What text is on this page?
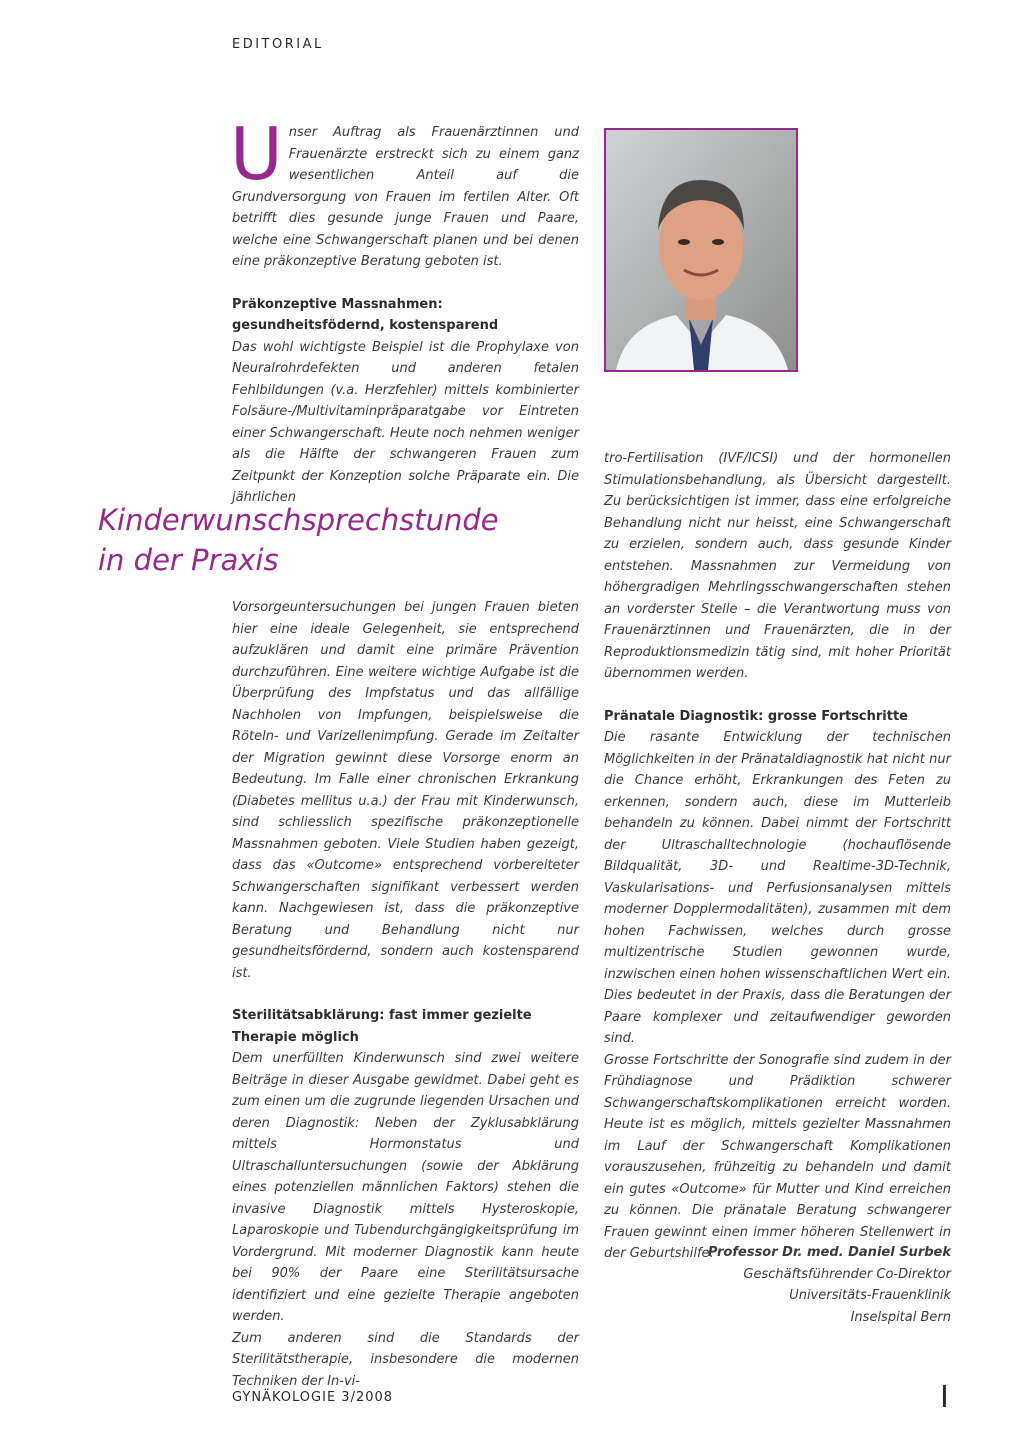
EDITORIAL
Unser Auftrag als Frauenärztinnen und Frauenärzte erstreckt sich zu einem ganz wesentlichen Anteil auf die Grundversorgung von Frauen im fertilen Alter. Oft betrifft dies gesunde junge Frauen und Paare, welche eine Schwangerschaft planen und bei denen eine präkonzeptive Beratung geboten ist.

Präkonzeptive Massnahmen: gesundheitsfödernd, kostensparend

Das wohl wichtigste Beispiel ist die Prophylaxe von Neuralrohrdefekten und anderen fetalen Fehlbildungen (v.a. Herzfehler) mittels kombinierter Folsäure-/Multivitaminpräparatgabe vor Eintreten einer Schwangerschaft. Heute noch nehmen weniger als die Hälfte der schwangeren Frauen zum Zeitpunkt der Konzeption solche Präparate ein. Die jährlichen

Kinderwunschsprechstunde
in der Praxis

Vorsorgeuntersuchungen bei jungen Frauen bieten hier eine ideale Gelegenheit, sie entsprechend aufzuklären und damit eine primäre Prävention durchzuführen. Eine weitere wichtige Aufgabe ist die Überprüfung des Impfstatus und das allfällige Nachholen von Impfungen, beispielsweise die Röteln- und Varizellenimpfung. Gerade im Zeitalter der Migration gewinnt diese Vorsorge enorm an Bedeutung. Im Falle einer chronischen Erkrankung (Diabetes mellitus u.a.) der Frau mit Kinderwunsch, sind schliesslich spezifische präkonzeptionelle Massnahmen geboten. Viele Studien haben gezeigt, dass das «Outcome» entsprechend vorbereiteter Schwangerschaften signifikant verbessert werden kann. Nachgewiesen ist, dass die präkonzeptive Beratung und Behandlung nicht nur gesundheitsfördernd, sondern auch kostensparend ist.

Sterilitätsabklärung: fast immer gezielte Therapie möglich

Dem unerfüllten Kinderwunsch sind zwei weitere Beiträge in dieser Ausgabe gewidmet. Dabei geht es zum einen um die zugrunde liegenden Ursachen und deren Diagnostik: Neben der Zyklusabklärung mittels Hormonstatus und Ultraschalluntersuchungen (sowie der Abklärung eines potenziellen männlichen Faktors) stehen die invasive Diagnostik mittels Hysteroskopie, Laparoskopie und Tubendurchgängigkeitsprüfung im Vordergrund. Mit moderner Diagnostik kann heute bei 90% der Paare eine Sterilitätsursache identifiziert und eine gezielte Therapie angeboten werden.

Zum anderen sind die Standards der Sterilitätstherapie, insbesondere die modernen Techniken der In-vi-

tro-Fertilisation (IVF/ICSI) und der hormonellen Stimulationsbehandlung, als Übersicht dargestellt. Zu berücksichtigen ist immer, dass eine erfolgreiche Behandlung nicht nur heisst, eine Schwangerschaft zu erzielen, sondern auch, dass gesunde Kinder entstehen. Massnahmen zur Vermeidung von höhergradigen Mehrlingsschwangerschaften stehen an vorderster Stelle – die Verantwortung muss von Frauenärztinnen und Frauenärzten, die in der Reproduktionsmedizin tätig sind, mit hoher Priorität übernommen werden.

Pränatale Diagnostik: grosse Fortschritte

Die rasante Entwicklung der technischen Möglichkeiten in der Pränataldiagnostik hat nicht nur die Chance erhöht, Erkrankungen des Feten zu erkennen, sondern auch, diese im Mutterleib behandeln zu können. Dabei nimmt der Fortschritt der Ultraschalltechnologie (hochauflösende Bildqualität, 3D- und Realtime-3D-Technik, Vaskularisations- und Perfusionsanalysen mittels moderner Dopplermodalitäten), zusammen mit dem hohen Fachwissen, welches durch grosse multizentrische Studien gewonnen wurde, inzwischen einen hohen wissenschaftlichen Wert ein. Dies bedeutet in der Praxis, dass die Beratungen der Paare komplexer und zeitaufwendiger geworden sind.

Grosse Fortschritte der Sonografie sind zudem in der Frühdiagnose und Prädiktion schwerer Schwangerschaftskomplikationen erreicht worden. Heute ist es möglich, mittels gezielter Massnahmen im Lauf der Schwangerschaft Komplikationen vorauszusehen, frühzeitig zu behandeln und damit ein gutes «Outcome» für Mutter und Kind erreichen zu können. Die pränatale Beratung schwangerer Frauen gewinnt einen immer höheren Stellenwert in der Geburtshilfe.

Professor Dr. med. Daniel Surbek
Geschäftsführender Co-Direktor
Universitäts-Frauenklinik
Inselspital Bern
GYNÄKOLOGIE 3/2008	I
